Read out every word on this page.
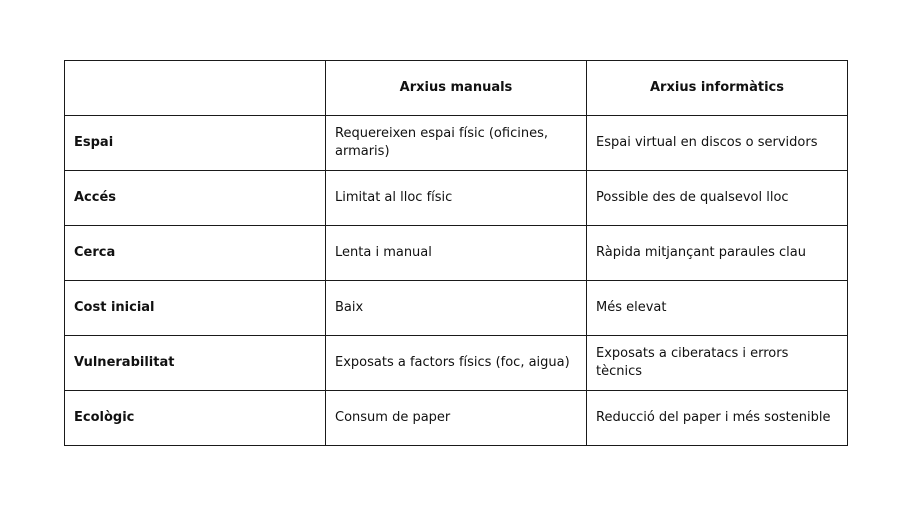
	Arxius manuals	Arxius informàtics
Espai	Requereixen espai físic (oficines, armaris)	Espai virtual en discos o servidors
Accés	Limitat al lloc físic	Possible des de qualsevol lloc
Cerca	Lenta i manual	Ràpida mitjançant paraules clau
Cost inicial	Baix	Més elevat
Vulnerabilitat	Exposats a factors físics (foc, aigua)	Exposats a ciberatacs i errors tècnics
Ecològic	Consum de paper	Reducció del paper i més sostenible
